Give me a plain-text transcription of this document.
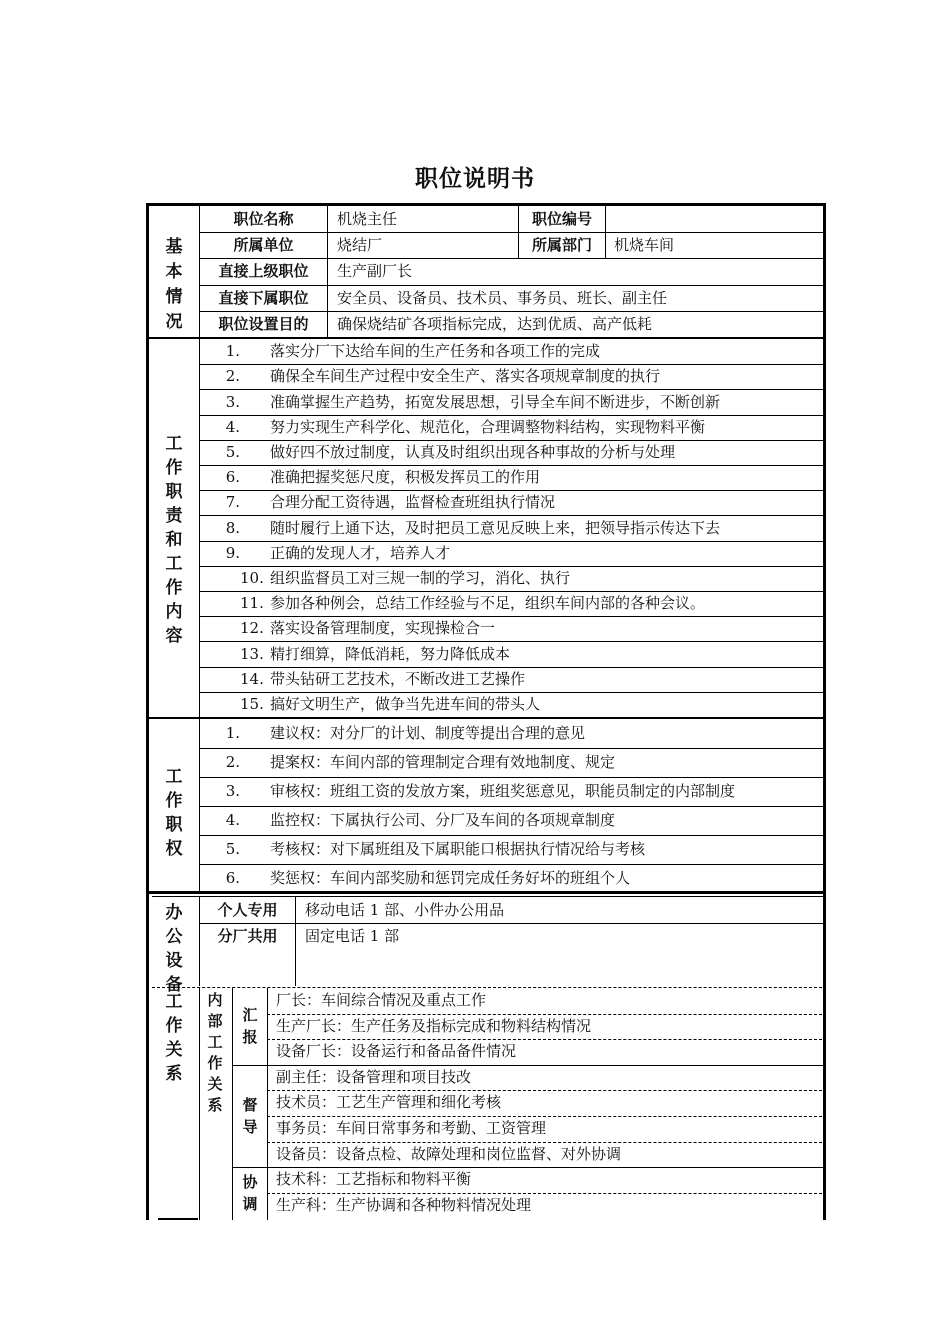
职位说明书
基本情况
职位名称	机烧主任	职位编号
所属单位	烧结厂	所属部门	机烧车间
直接上级职位	生产副厂长
直接下属职位	安全员、设备员、技术员、事务员、班长、副主任
职位设置目的	确保烧结矿各项指标完成，达到优质、高产低耗
工作职责和工作内容
1. 落实分厂下达给车间的生产任务和各项工作的完成
2. 确保全车间生产过程中安全生产、落实各项规章制度的执行
3. 准确掌握生产趋势，拓宽发展思想，引导全车间不断进步，不断创新
4. 努力实现生产科学化、规范化，合理调整物料结构，实现物料平衡
5. 做好四不放过制度，认真及时组织出现各种事故的分析与处理
6. 准确把握奖惩尺度，积极发挥员工的作用
7. 合理分配工资待遇，监督检查班组执行情况
8. 随时履行上通下达，及时把员工意见反映上来，把领导指示传达下去
9. 正确的发现人才，培养人才
10. 组织监督员工对三规一制的学习，消化、执行
11. 参加各种例会，总结工作经验与不足，组织车间内部的各种会议。
12. 落实设备管理制度，实现操检合一
13. 精打细算，降低消耗，努力降低成本
14. 带头钻研工艺技术，不断改进工艺操作
15. 搞好文明生产，做争当先进车间的带头人
工作职权
1. 建议权：对分厂的计划、制度等提出合理的意见
2. 提案权：车间内部的管理制定合理有效地制度、规定
3. 审核权：班组工资的发放方案，班组奖惩意见，职能员制定的内部制度
4. 监控权：下属执行公司、分厂及车间的各项规章制度
5. 考核权：对下属班组及下属职能口根据执行情况给与考核
6. 奖惩权：车间内部奖励和惩罚完成任务好坏的班组个人
办公设备
个人专用	移动电话 1 部、小件办公用品
分厂共用	固定电话 1 部
工作关系
内部工作关系
汇报
厂长：车间综合情况及重点工作
生产厂长：生产任务及指标完成和物料结构情况
设备厂长：设备运行和备品备件情况
督导
副主任：设备管理和项目技改
技术员：工艺生产管理和细化考核
事务员：车间日常事务和考勤、工资管理
设备员：设备点检、故障处理和岗位监督、对外协调
协调
技术科：工艺指标和物料平衡
生产科：生产协调和各种物料情况处理
